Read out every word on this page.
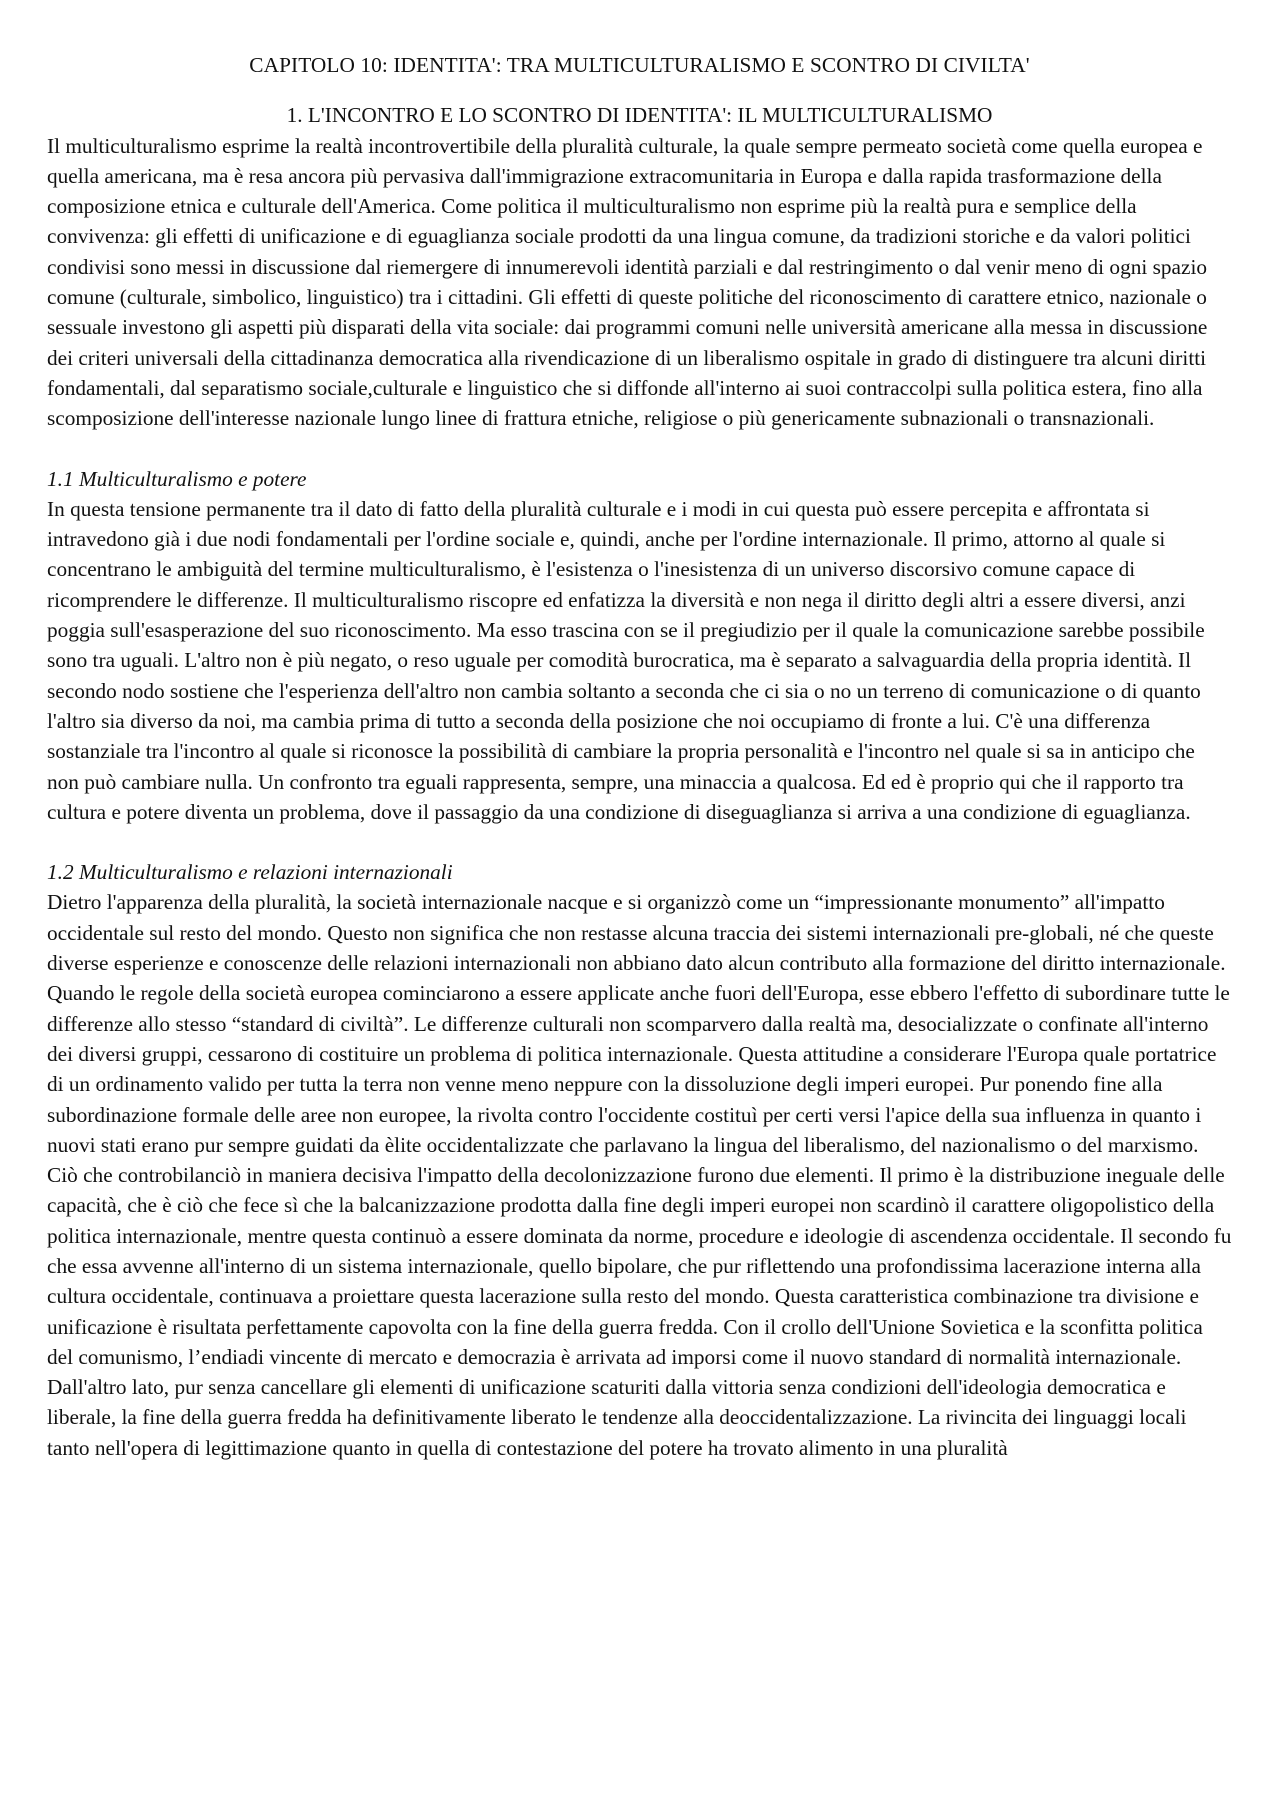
CAPITOLO 10: IDENTITA': TRA MULTICULTURALISMO E SCONTRO DI CIVILTA'
1. L'INCONTRO E LO SCONTRO DI IDENTITA': IL MULTICULTURALISMO

Il multiculturalismo esprime la realtà incontrovertibile della pluralità culturale, la quale sempre permeato società come quella europea e quella americana, ma è resa ancora più pervasiva dall'immigrazione extracomunitaria in Europa e dalla rapida trasformazione della composizione etnica e culturale dell'America. Come politica il multiculturalismo non esprime più la realtà pura e semplice della convivenza: gli effetti di unificazione e di eguaglianza sociale prodotti da una lingua comune, da tradizioni storiche e da valori politici condivisi sono messi in discussione dal riemergere di innumerevoli identità parziali e dal restringimento o dal venir meno di ogni spazio comune (culturale, simbolico, linguistico) tra i cittadini. Gli effetti di queste politiche del riconoscimento di carattere etnico, nazionale o sessuale investono gli aspetti più disparati della vita sociale: dai programmi comuni nelle università americane alla messa in discussione dei criteri universali della cittadinanza democratica alla rivendicazione di un liberalismo ospitale in grado di distinguere tra alcuni diritti fondamentali, dal separatismo sociale,culturale e linguistico che si diffonde all'interno ai suoi contraccolpi sulla politica estera, fino alla scomposizione dell'interesse nazionale lungo linee di frattura etniche, religiose o più genericamente subnazionali o transnazionali.

1.1 Multiculturalismo e potere

In questa tensione permanente tra il dato di fatto della pluralità culturale e i modi in cui questa può essere percepita e affrontata si intravedono già i due nodi fondamentali per l'ordine sociale e, quindi, anche per l'ordine internazionale. Il primo, attorno al quale si concentrano le ambiguità del termine multiculturalismo, è l'esistenza o l'inesistenza di un universo discorsivo comune capace di ricomprendere le differenze. Il multiculturalismo riscopre ed enfatizza la diversità e non nega il diritto degli altri a essere diversi, anzi poggia sull'esasperazione del suo riconoscimento. Ma esso trascina con se il pregiudizio per il quale la comunicazione sarebbe possibile sono tra uguali. L'altro non è più negato, o reso uguale per comodità burocratica, ma è separato a salvaguardia della propria identità. Il secondo nodo sostiene che l'esperienza dell'altro non cambia soltanto a seconda che ci sia o no un terreno di comunicazione o di quanto l'altro sia diverso da noi, ma cambia prima di tutto a seconda della posizione che noi occupiamo di fronte a lui. C'è una differenza sostanziale tra l'incontro al quale si riconosce la possibilità di cambiare la propria personalità e l'incontro nel quale si sa in anticipo che non può cambiare nulla. Un confronto tra eguali rappresenta, sempre, una minaccia a qualcosa. Ed ed è proprio qui che il rapporto tra cultura e potere diventa un problema, dove il passaggio da una condizione di diseguaglianza si arriva a una condizione di eguaglianza.

1.2 Multiculturalismo e relazioni internazionali

Dietro l'apparenza della pluralità, la società internazionale nacque e si organizzò come un “impressionante monumento” all'impatto occidentale sul resto del mondo. Questo non significa che non restasse alcuna traccia dei sistemi internazionali pre-globali, né che queste diverse esperienze e conoscenze delle relazioni internazionali non abbiano dato alcun contributo alla formazione del diritto internazionale. Quando le regole della società europea cominciarono a essere applicate anche fuori dell'Europa, esse ebbero l'effetto di subordinare tutte le differenze allo stesso “standard di civiltà”. Le differenze culturali non scomparvero dalla realtà ma, desocializzate o confinate all'interno dei diversi gruppi, cessarono di costituire un problema di politica internazionale. Questa attitudine a considerare l'Europa quale portatrice di un ordinamento valido per tutta la terra non venne meno neppure con la dissoluzione degli imperi europei. Pur ponendo fine alla subordinazione formale delle aree non europee, la rivolta contro l'occidente costituì per certi versi l'apice della sua influenza in quanto i nuovi stati erano pur sempre guidati da èlite occidentalizzate che parlavano la lingua del liberalismo, del nazionalismo o del marxismo. Ciò che controbilanciò in maniera decisiva l'impatto della decolonizzazione furono due elementi. Il primo è la distribuzione ineguale delle capacità, che è ciò che fece sì che la balcanizzazione prodotta dalla fine degli imperi europei non scardinò il carattere oligopolistico della politica internazionale, mentre questa continuò a essere dominata da norme, procedure e ideologie di ascendenza occidentale. Il secondo fu che essa avvenne all'interno di un sistema internazionale, quello bipolare, che pur riflettendo una profondissima lacerazione interna alla cultura occidentale, continuava a proiettare questa lacerazione sulla resto del mondo. Questa caratteristica combinazione tra divisione e unificazione è risultata perfettamente capovolta con la fine della guerra fredda. Con il crollo dell'Unione Sovietica e la sconfitta politica del comunismo, l’endiadi vincente di mercato e democrazia è arrivata ad imporsi come il nuovo standard di normalità internazionale. Dall'altro lato, pur senza cancellare gli elementi di unificazione scaturiti dalla vittoria senza condizioni dell'ideologia democratica e liberale, la fine della guerra fredda ha definitivamente liberato le tendenze alla deoccidentalizzazione. La rivincita dei linguaggi locali tanto nell'opera di legittimazione quanto in quella di contestazione del potere ha trovato alimento in una pluralità
